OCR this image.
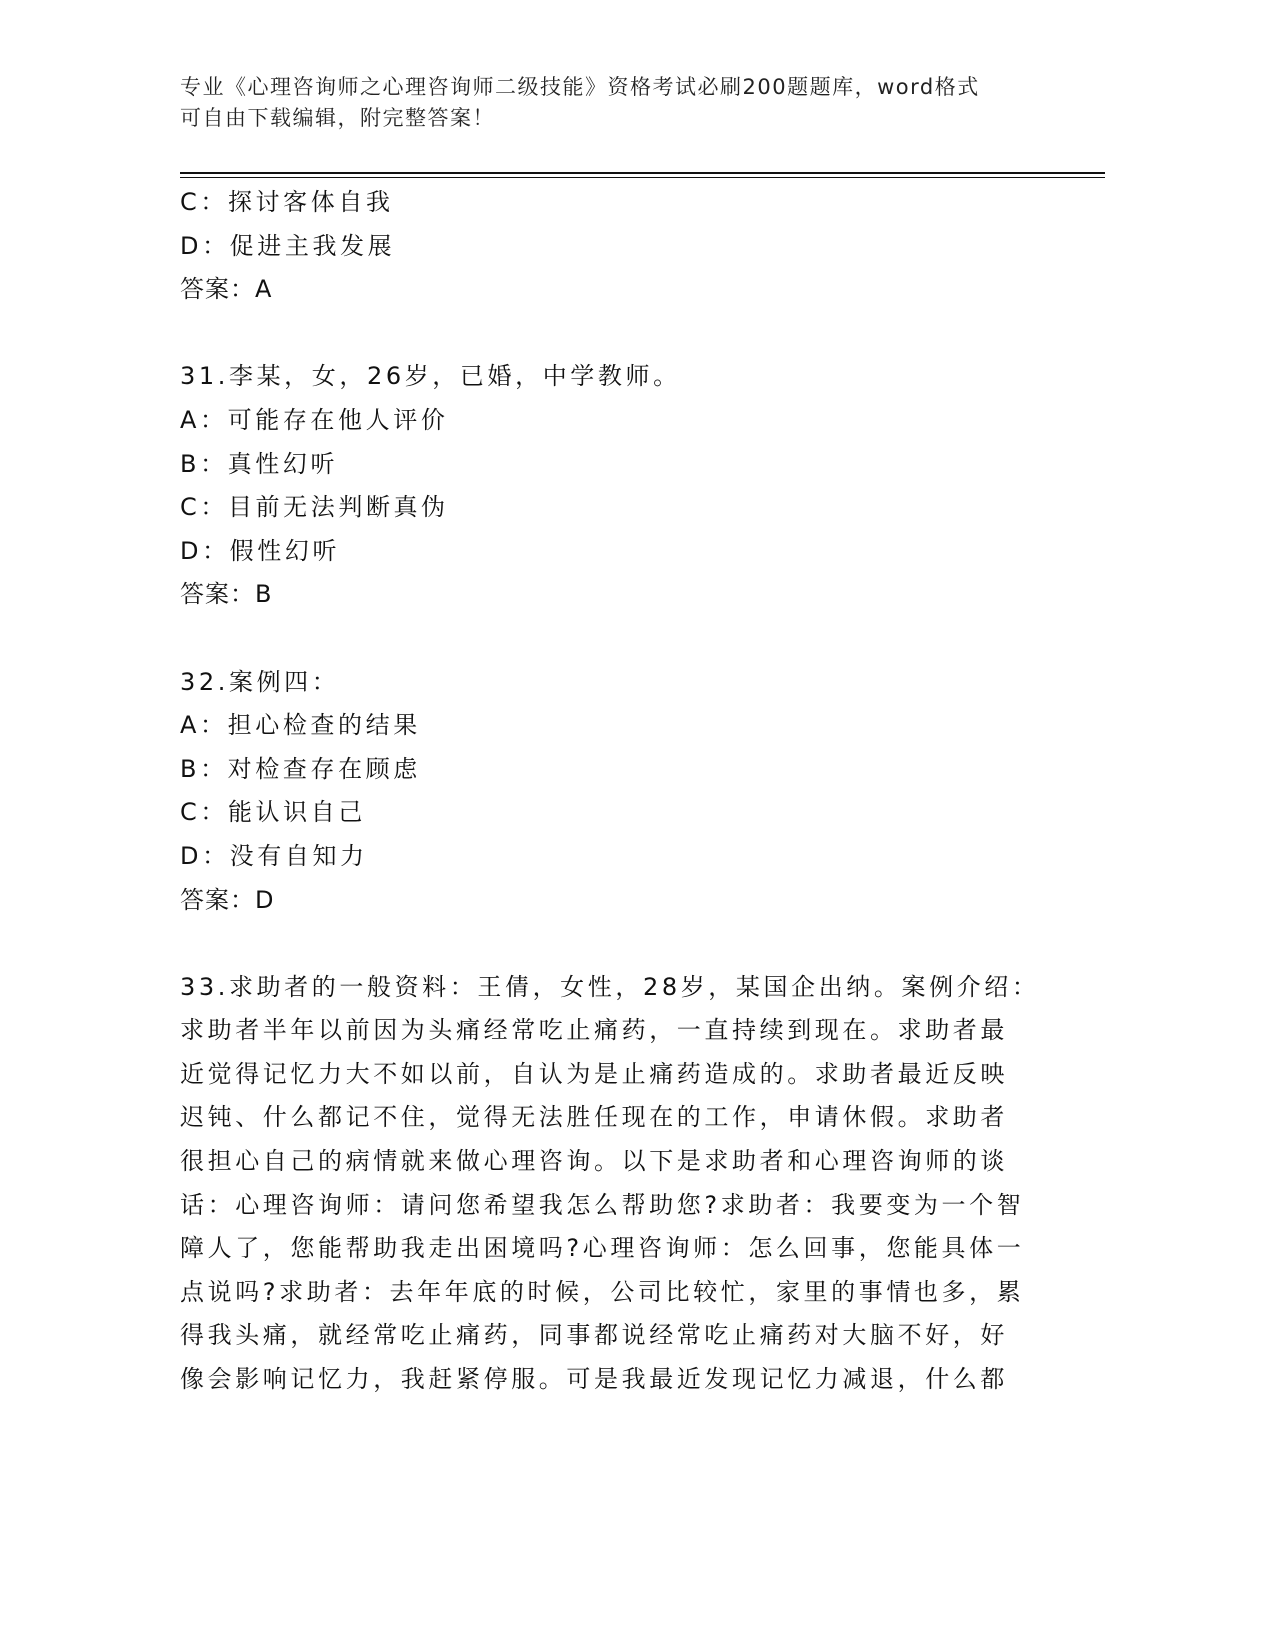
专业《心理咨询师之心理咨询师二级技能》资格考试必刷200题题库，word格式
可自由下载编辑，附完整答案！
C：探讨客体自我
D：促进主我发展
答案：A
31.李某，女，26岁，已婚，中学教师。
A：可能存在他人评价
B：真性幻听
C：目前无法判断真伪
D：假性幻听
答案：B
32.案例四：
A：担心检查的结果
B：对检查存在顾虑
C：能认识自己
D：没有自知力
答案：D
33.求助者的一般资料：王倩，女性，28岁，某国企出纳。案例介绍：
求助者半年以前因为头痛经常吃止痛药，一直持续到现在。求助者最
近觉得记忆力大不如以前，自认为是止痛药造成的。求助者最近反映
迟钝、什么都记不住，觉得无法胜任现在的工作，申请休假。求助者
很担心自己的病情就来做心理咨询。以下是求助者和心理咨询师的谈
话：心理咨询师：请问您希望我怎么帮助您?求助者：我要变为一个智
障人了，您能帮助我走出困境吗?心理咨询师：怎么回事，您能具体一
点说吗?求助者：去年年底的时候，公司比较忙，家里的事情也多，累
得我头痛，就经常吃止痛药，同事都说经常吃止痛药对大脑不好，好
像会影响记忆力，我赶紧停服。可是我最近发现记忆力减退，什么都
